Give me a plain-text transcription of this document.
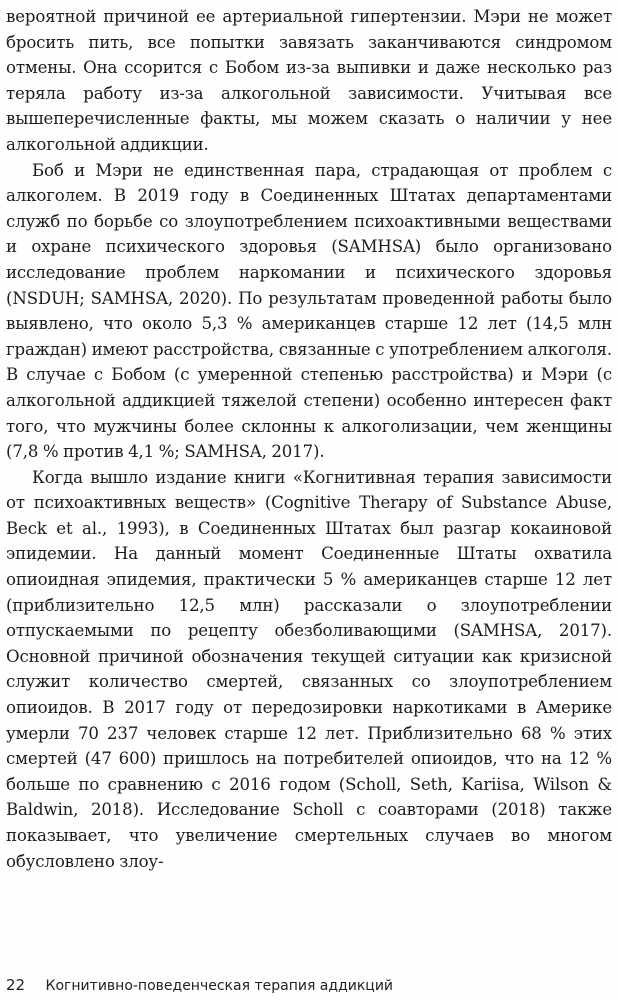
вероятной причиной ее артериальной гипертензии. Мэри не может бросить пить, все попытки завязать заканчиваются синдромом отмены. Она ссорится с Бобом из-за выпивки и даже несколько раз теряла работу из-за алкогольной зависимости. Учитывая все вышеперечисленные факты, мы можем сказать о наличии у нее алкогольной аддикции.

Боб и Мэри не единственная пара, страдающая от проблем с алкоголем. В 2019 году в Соединенных Штатах департаментами служб по борьбе со злоупотреблением психоактивными веществами и охране психического здоровья (SAMHSA) было организовано исследование проблем наркомании и психического здоровья (NSDUH; SAMHSA, 2020). По результатам проведенной работы было выявлено, что около 5,3 % американцев старше 12 лет (14,5 млн граждан) имеют расстройства, связанные с употреблением алкоголя. В случае с Бобом (с умеренной степенью расстройства) и Мэри (с алкогольной аддикцией тяжелой степени) особенно интересен факт того, что мужчины более склонны к алкоголизации, чем женщины (7,8 % против 4,1 %; SAMHSA, 2017).

Когда вышло издание книги «Когнитивная терапия зависимости от психоактивных веществ» (Cognitive Therapy of Substance Abuse, Beck et al., 1993), в Соединенных Штатах был разгар кокаиновой эпидемии. На данный момент Соединенные Штаты охватила опиоидная эпидемия, практически 5 % американцев старше 12 лет (приблизительно 12,5 млн) рассказали о злоупотреблении отпускаемыми по рецепту обезболивающими (SAMHSA, 2017). Основной причиной обозначения текущей ситуации как кризисной служит количество смертей, связанных со злоупотреблением опиоидов. В 2017 году от передозировки наркотиками в Америке умерли 70 237 человек старше 12 лет. Приблизительно 68 % этих смертей (47 600) пришлось на потребителей опиоидов, что на 12 % больше по сравнению с 2016 годом (Scholl, Seth, Kariisa, Wilson & Baldwin, 2018). Исследование Scholl с соавторами (2018) также показывает, что увеличение смертельных случаев во многом обусловлено злоу-

22 Когнитивно-поведенческая терапия аддикций
